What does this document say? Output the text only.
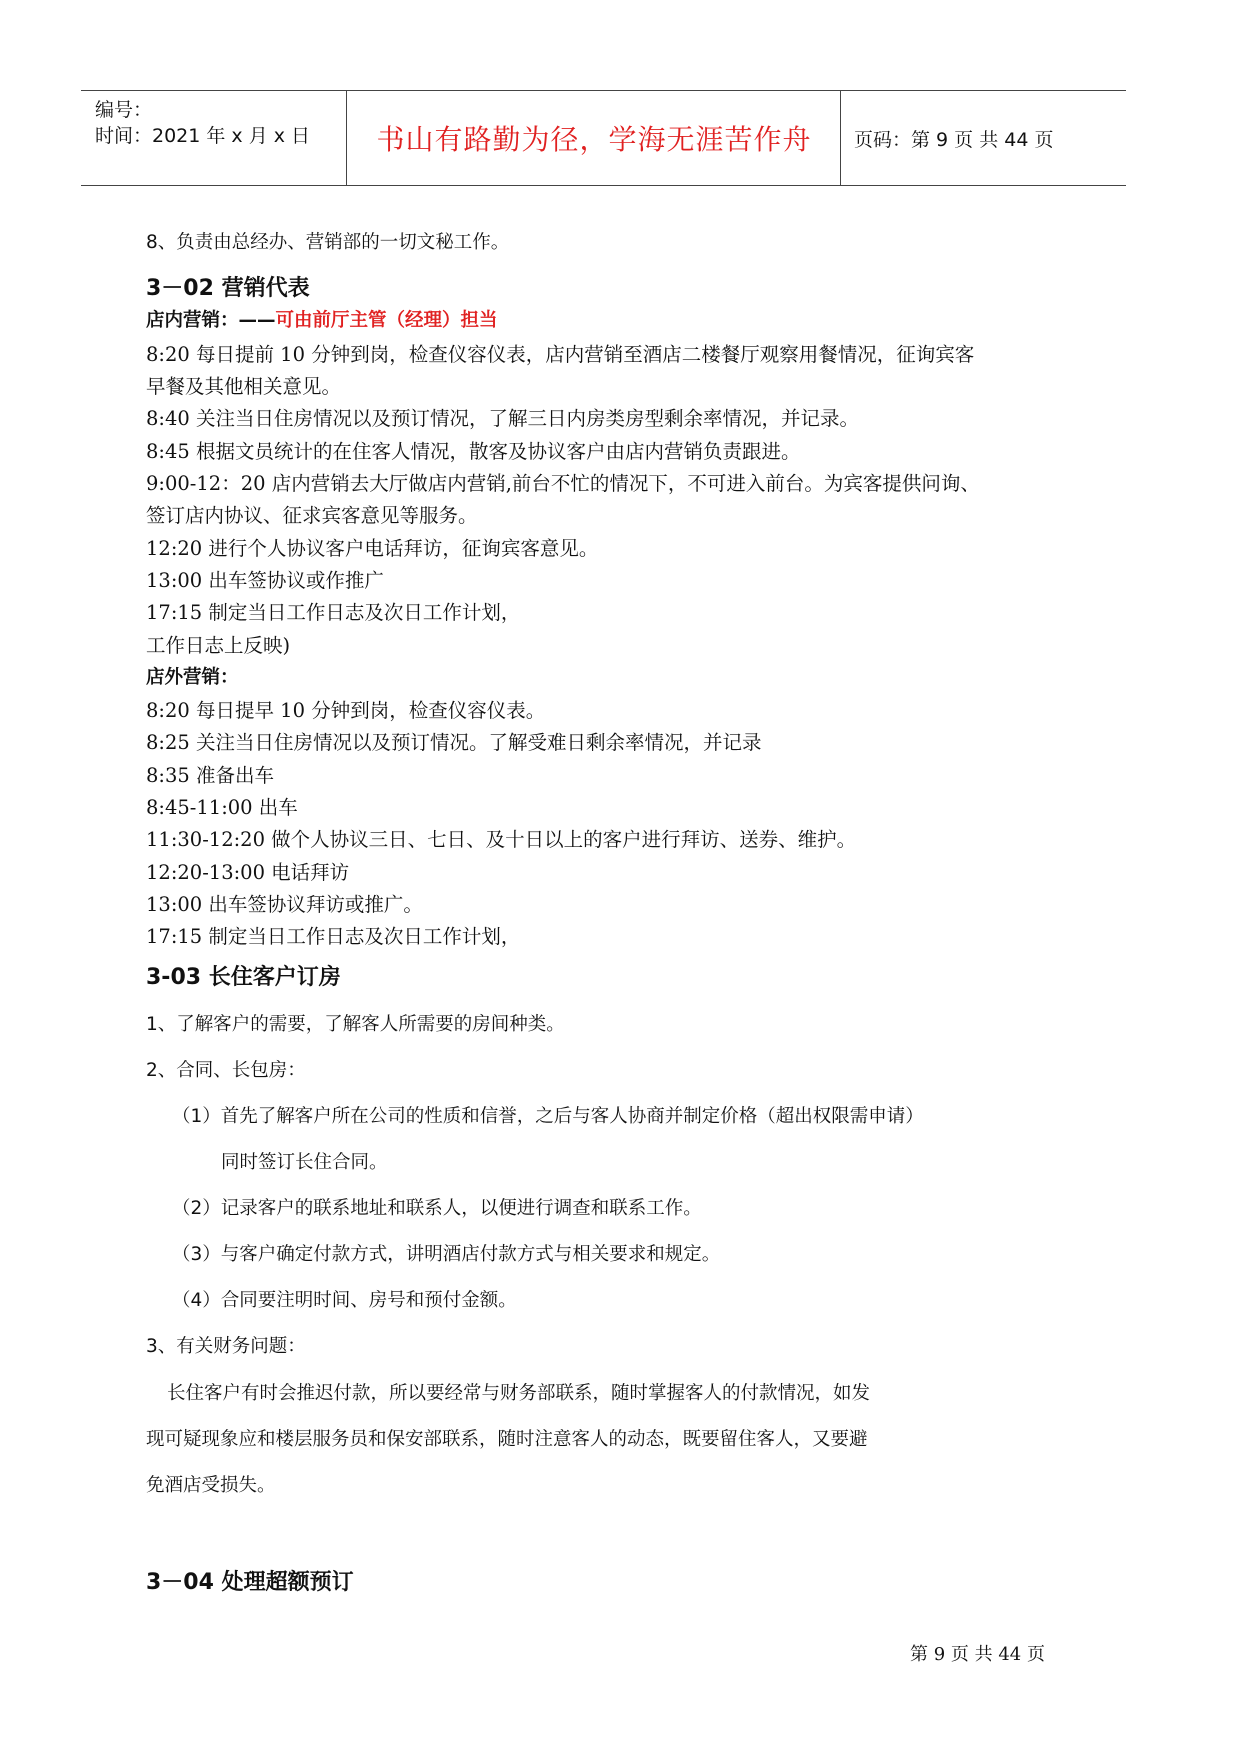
编号：
时间：2021 年 x 月 x 日 书山有路勤为径，学海无涯苦作舟 页码：第 9 页 共 44 页
8、负责由总经办、营销部的一切文秘工作。
3－02 营销代表
店内营销：——可由前厅主管（经理）担当
8:20 每日提前 10 分钟到岗，检查仪容仪表，店内营销至酒店二楼餐厅观察用餐情况，征询宾客
早餐及其他相关意见。
8:40 关注当日住房情况以及预订情况，了解三日内房类房型剩余率情况，并记录。
8:45 根据文员统计的在住客人情况，散客及协议客户由店内营销负责跟进。
9:00-12：20 店内营销去大厅做店内营销,前台不忙的情况下，不可进入前台。为宾客提供问询、
签订店内协议、征求宾客意见等服务。
12:20 进行个人协议客户电话拜访，征询宾客意见。
13:00 出车签协议或作推广
17:15 制定当日工作日志及次日工作计划，
工作日志上反映)
店外营销：
8:20 每日提早 10 分钟到岗，检查仪容仪表。
8:25 关注当日住房情况以及预订情况。了解受难日剩余率情况，并记录
8:35 准备出车
8:45-11:00 出车
11:30-12:20 做个人协议三日、七日、及十日以上的客户进行拜访、送券、维护。
12:20-13:00 电话拜访
13:00 出车签协议拜访或推广。
17:15 制定当日工作日志及次日工作计划，
3-03 长住客户订房
1、了解客户的需要，了解客人所需要的房间种类。
2、合同、长包房：
（1）首先了解客户所在公司的性质和信誉，之后与客人协商并制定价格（超出权限需申请）
同时签订长住合同。
（2）记录客户的联系地址和联系人，以便进行调查和联系工作。
（3）与客户确定付款方式，讲明酒店付款方式与相关要求和规定。
（4）合同要注明时间、房号和预付金额。
3、有关财务问题：
长住客户有时会推迟付款，所以要经常与财务部联系，随时掌握客人的付款情况，如发
现可疑现象应和楼层服务员和保安部联系，随时注意客人的动态，既要留住客人，又要避
免酒店受损失。
3－04 处理超额预订
第 9 页 共 44 页
